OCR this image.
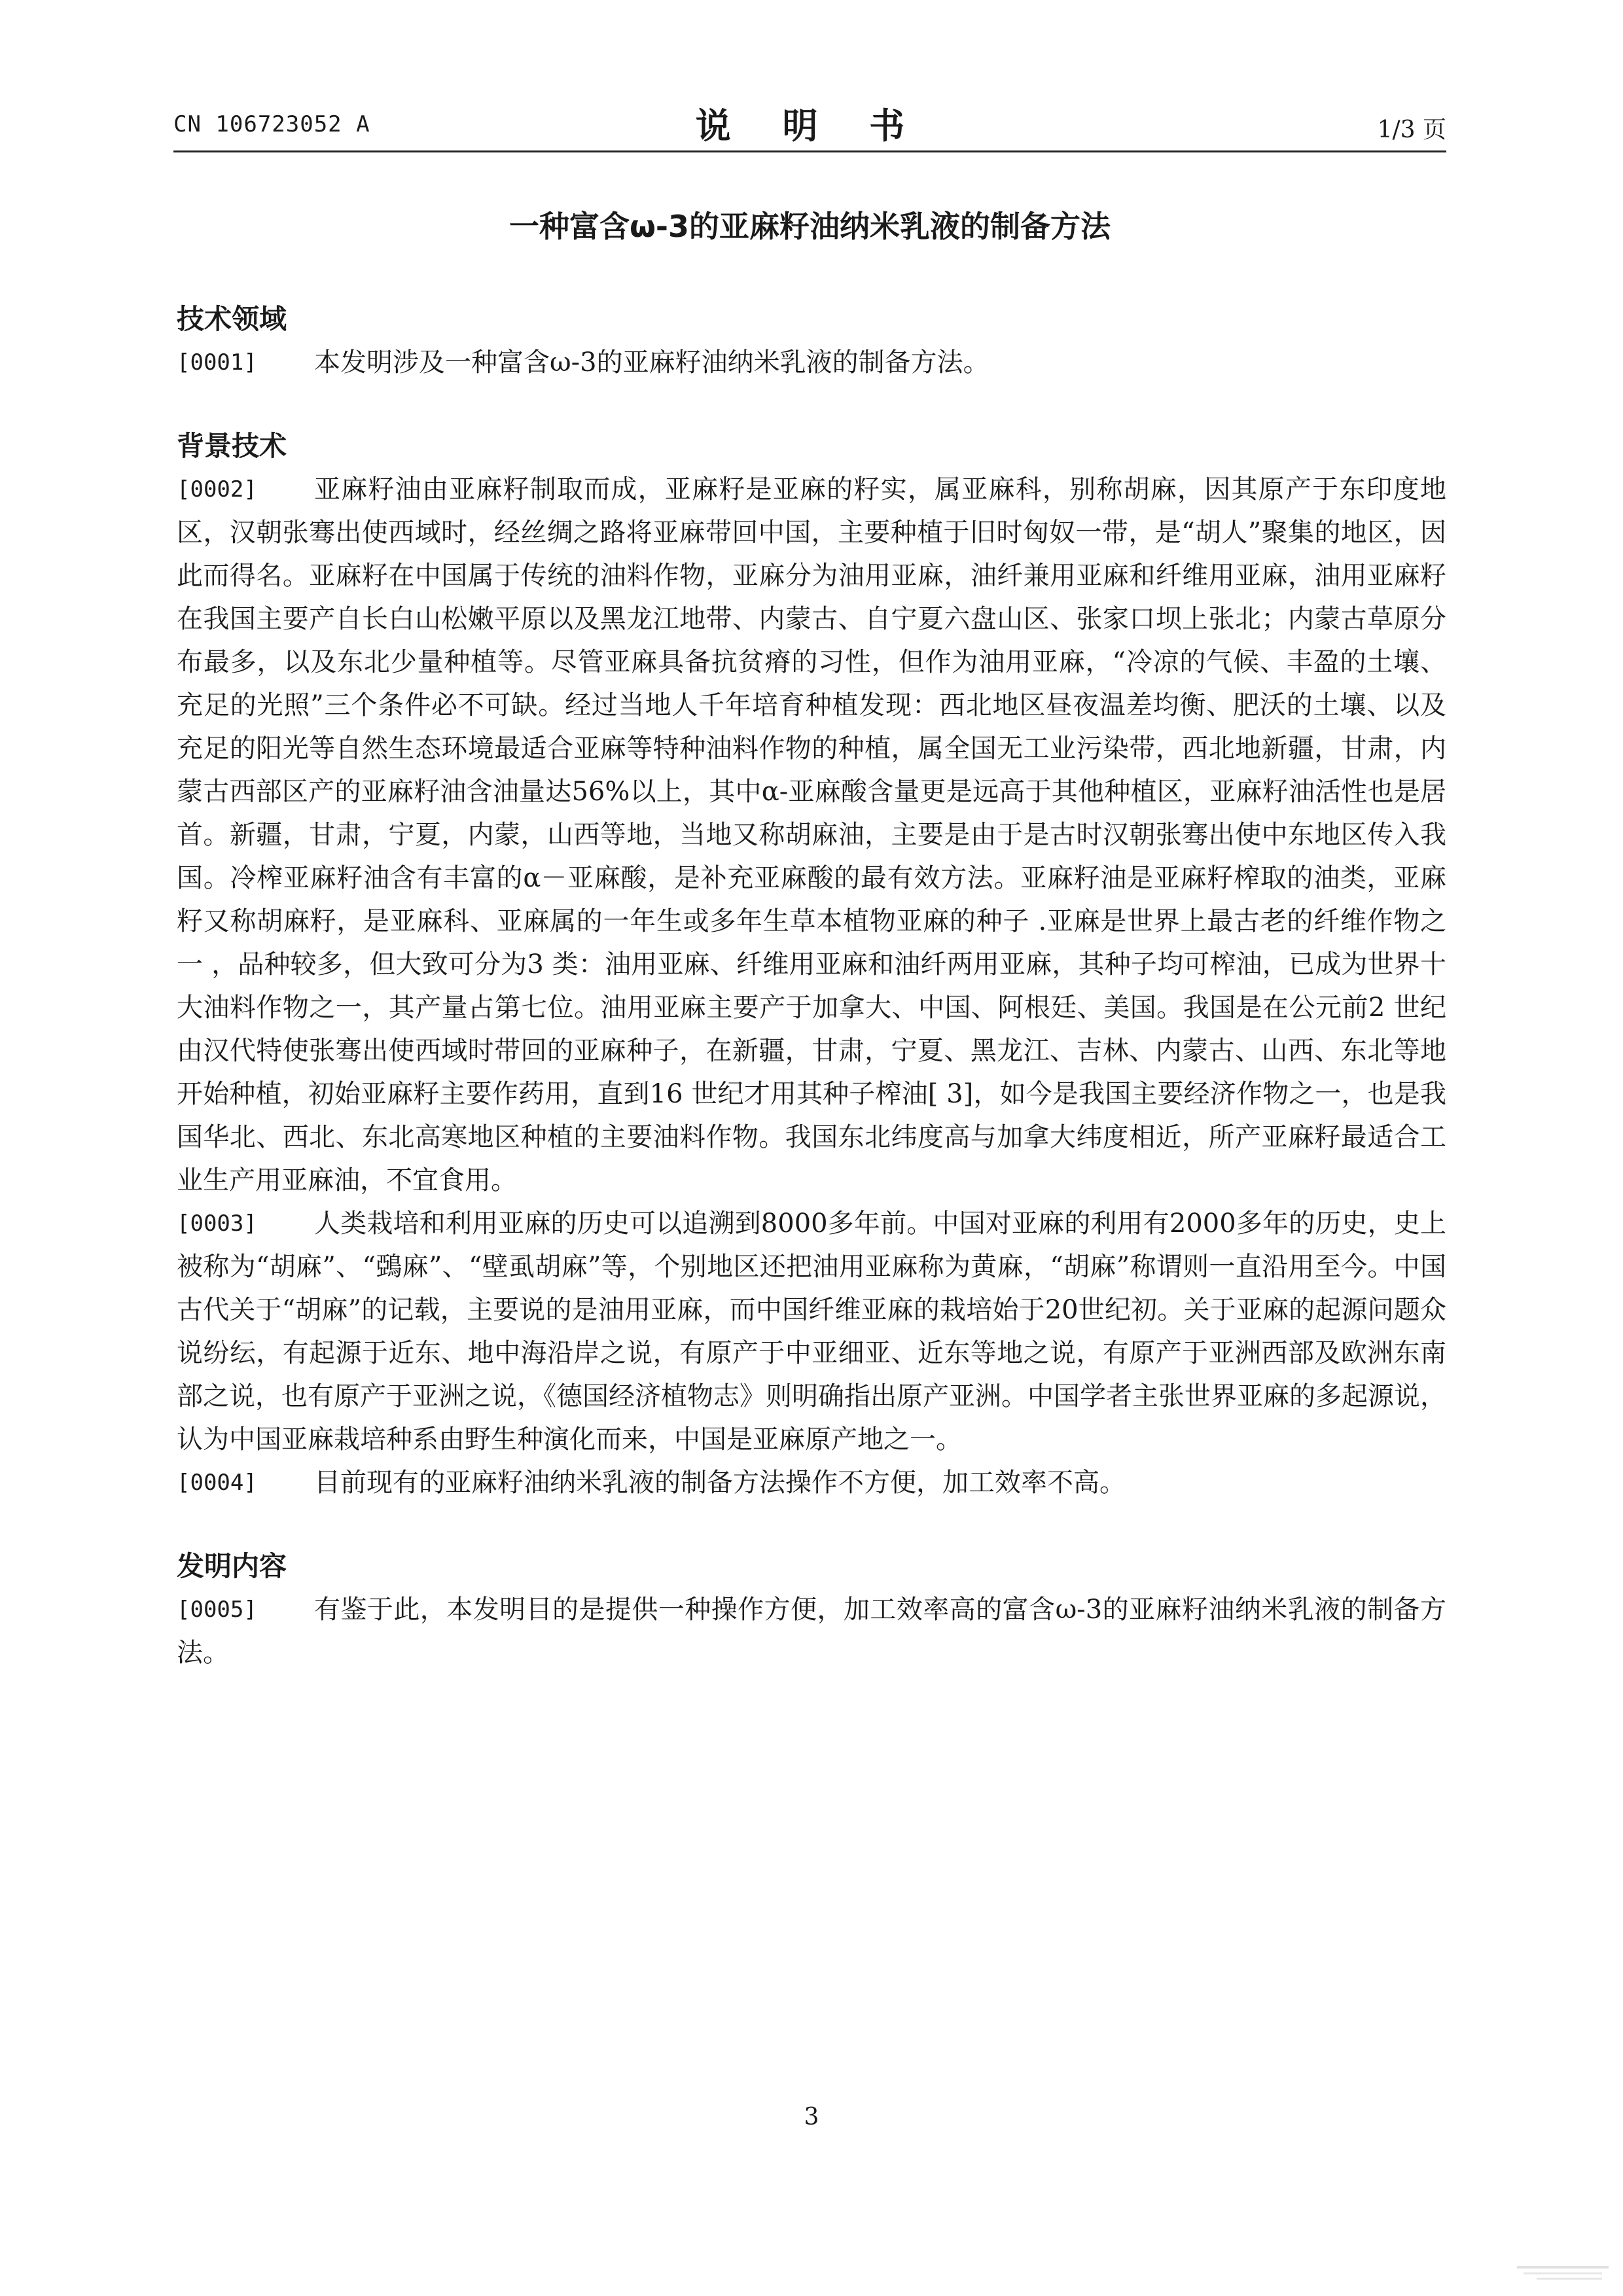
CN 106723052 A	说 明 书	1/3 页
一种富含ω-3的亚麻籽油纳米乳液的制备方法
技术领域
[0001] 本发明涉及一种富含ω-3的亚麻籽油纳米乳液的制备方法。
背景技术
[0002] 亚麻籽油由亚麻籽制取而成，亚麻籽是亚麻的籽实，属亚麻科，别称胡麻，因其原产于东印度地区，汉朝张骞出使西域时，经丝绸之路将亚麻带回中国，主要种植于旧时匈奴一带，是“胡人”聚集的地区，因此而得名。亚麻籽在中国属于传统的油料作物，亚麻分为油用亚麻，油纤兼用亚麻和纤维用亚麻，油用亚麻籽在我国主要产自长白山松嫩平原以及黑龙江地带、内蒙古、自宁夏六盘山区、张家口坝上张北；内蒙古草原分布最多，以及东北少量种植等。尽管亚麻具备抗贫瘠的习性，但作为油用亚麻，“冷凉的气候、丰盈的土壤、充足的光照”三个条件必不可缺。经过当地人千年培育种植发现：西北地区昼夜温差均衡、肥沃的土壤、以及充足的阳光等自然生态环境最适合亚麻等特种油料作物的种植，属全国无工业污染带，西北地新疆，甘肃，内蒙古西部区产的亚麻籽油含油量达56%以上，其中α-亚麻酸含量更是远高于其他种植区，亚麻籽油活性也是居首。新疆，甘肃，宁夏，内蒙，山西等地，当地又称胡麻油，主要是由于是古时汉朝张骞出使中东地区传入我国。冷榨亚麻籽油含有丰富的α－亚麻酸，是补充亚麻酸的最有效方法。亚麻籽油是亚麻籽榨取的油类，亚麻籽又称胡麻籽，是亚麻科、亚麻属的一年生或多年生草本植物亚麻的种子 .亚麻是世界上最古老的纤维作物之一 ，品种较多，但大致可分为3 类：油用亚麻、纤维用亚麻和油纤两用亚麻，其种子均可榨油，已成为世界十大油料作物之一，其产量占第七位。油用亚麻主要产于加拿大、中国、阿根廷、美国。我国是在公元前2 世纪由汉代特使张骞出使西域时带回的亚麻种子，在新疆，甘肃，宁夏、黑龙江、吉林、内蒙古、山西、东北等地开始种植，初始亚麻籽主要作药用，直到16 世纪才用其种子榨油[ 3]，如今是我国主要经济作物之一，也是我国华北、西北、东北高寒地区种植的主要油料作物。我国东北纬度高与加拿大纬度相近，所产亚麻籽最适合工业生产用亚麻油，不宜食用。
[0003] 人类栽培和利用亚麻的历史可以追溯到8000多年前。中国对亚麻的利用有2000多年的历史，史上被称为“胡麻”、“鵶麻”、“壁虱胡麻”等，个别地区还把油用亚麻称为黄麻，“胡麻”称谓则一直沿用至今。中国古代关于“胡麻”的记载，主要说的是油用亚麻，而中国纤维亚麻的栽培始于20世纪初。关于亚麻的起源问题众说纷纭，有起源于近东、地中海沿岸之说，有原产于中亚细亚、近东等地之说，有原产于亚洲西部及欧洲东南部之说，也有原产于亚洲之说，《德国经济植物志》则明确指出原产亚洲。中国学者主张世界亚麻的多起源说，认为中国亚麻栽培种系由野生种演化而来，中国是亚麻原产地之一。
[0004] 目前现有的亚麻籽油纳米乳液的制备方法操作不方便，加工效率不高。
发明内容
[0005] 有鉴于此，本发明目的是提供一种操作方便，加工效率高的富含ω-3的亚麻籽油纳米乳液的制备方法。
3
